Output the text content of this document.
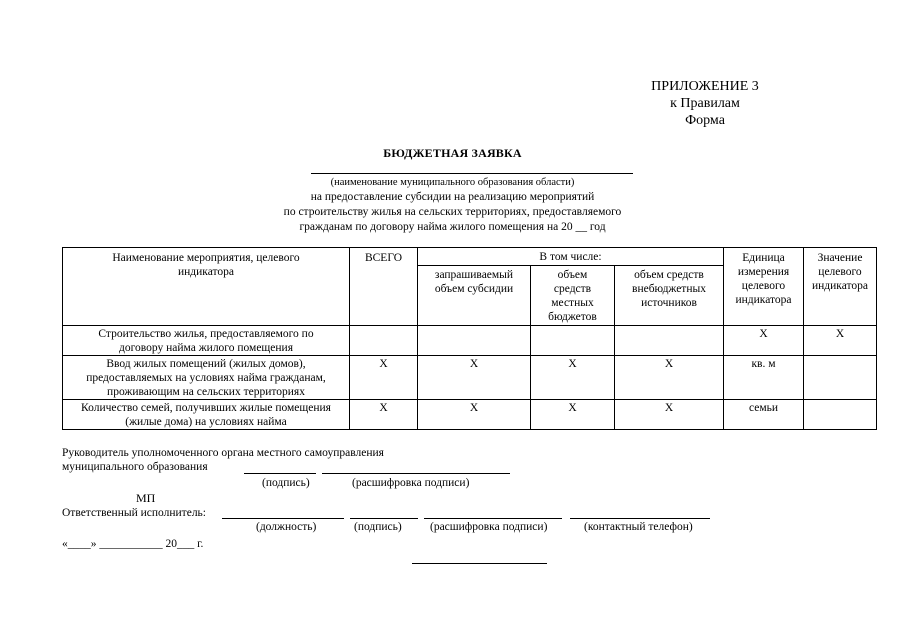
ПРИЛОЖЕНИЕ 3
к Правилам
Форма
БЮДЖЕТНАЯ ЗАЯВКА
(наименование муниципального образования области)
на предоставление субсидии на реализацию мероприятий
по строительству жилья на сельских территориях, предоставляемого
гражданам по договору найма жилого помещения на 20 __ год
Наименование мероприятия, целевого индикатора	ВСЕГО	В том числе:			Единица измерения целевого индикатора	Значение целевого индикатора
		запрашиваемый объем субсидии	объем средств местных бюджетов	объем средств внебюджетных источников		
Строительство жилья, предоставляемого по договору найма жилого помещения					Х	Х
Ввод жилых помещений (жилых домов), предоставляемых на условиях найма гражданам, проживающим на сельских территориях	Х	Х	Х	Х	кв. м	
Количество семей, получивших жилые помещения (жилые дома) на условиях найма	Х	Х	Х	Х	семьи	
Руководитель уполномоченного органа местного самоуправления
муниципального образования
(подпись)	(расшифровка подписи)
МП
Ответственный исполнитель:
(должность)	(подпись) (расшифровка подписи)	(контактный телефон)
«____» ___________ 20___ г.
